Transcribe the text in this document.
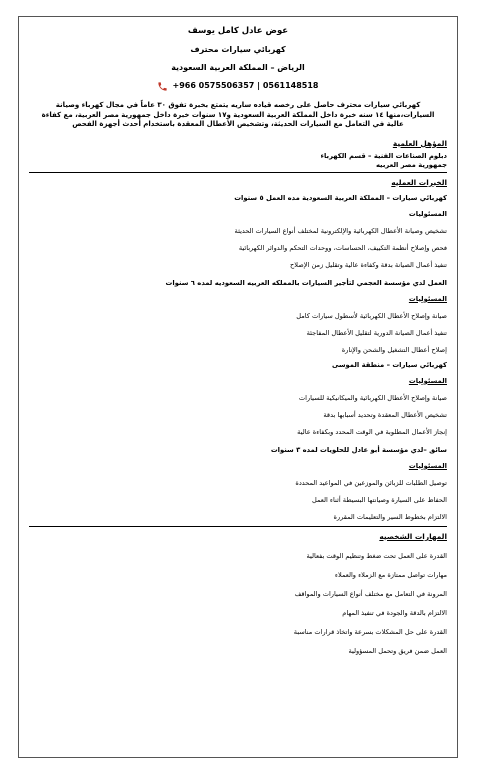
عوض عادل كامل يوسف
كهربائي سيارات محترف
الرياض – المملكة العربية السعودية
+966 0575506357 | 0561148518
كهربائي سيارات محترف حاصل على رخصه قياده ساريه يتمتع بخبرة تفوق ٣٠ عاماً في مجال كهرباء وصيانة السيارات،منها ١٤ سنه خبرة داخل المملكة العربية السعودية و١٧ سنوات خبرة داخل جمهورية مصر العربية، مع كفاءة عالية في التعامل مع السيارات الحديثة، وتشخيص الأعطال المعقدة باستخدام أحدث أجهزة الفحص
المؤهل العلمية
دبلوم الصناعات الفنية – قسم الكهرباء
جمهورية مصر العربيه
الخبرات العمليه
كهربائي سيارات – المملكة العربية السعودية مده العمل ٥ سنوات
المسئوليات
تشخيص وصيانة الأعطال الكهربائية والإلكترونية لمختلف أنواع السيارات الحديثة
فحص وإصلاح أنظمة التكييف، الحساسات، ووحدات التحكم والدوائر الكهربائية
تنفيذ أعمال الصيانة بدقة وكفاءة عالية وتقليل زمن الإصلاح
العمل لدي مؤسسة العجمي لتأجير السيارات بالمملكه العربيه السعوديه لمده ٦ سنوات
المسئوليات
صيانة وإصلاح الأعطال الكهربائية لأسطول سيارات كامل
تنفيذ أعمال الصيانة الدورية لتقليل الأعطال المفاجئة
إصلاح أعطال التشغيل والشحن والإنارة
كهربائي سيارات – منطقة الموسى
المسئوليات
صيانة وإصلاح الأعطال الكهربائية والميكانيكية للسيارات
تشخيص الأعطال المعقدة وتحديد أسبابها بدقة
إنجاز الأعمال المطلوبة في الوقت المحدد وبكفاءة عالية
سائق –لدي مؤسسة أبو عادل للحلويات لمده ٣ سنوات
المسئوليات
توصيل الطلبات للزبائن والموزعين في المواعيد المحددة
الحفاظ على السيارة وصيانتها البسيطة أثناء العمل
الالتزام بخطوط السير والتعليمات المقررة
المهارات الشخصيه
القدرة على العمل تحت ضغط وتنظيم الوقت بفعالية
مهارات تواصل ممتازة مع الزملاء والعملاء
المرونة في التعامل مع مختلف أنواع السيارات والمواقف
الالتزام بالدقة والجودة في تنفيذ المهام
القدرة على حل المشكلات بسرعة واتخاذ قرارات مناسبة
العمل ضمن فريق وتحمل المسؤولية
